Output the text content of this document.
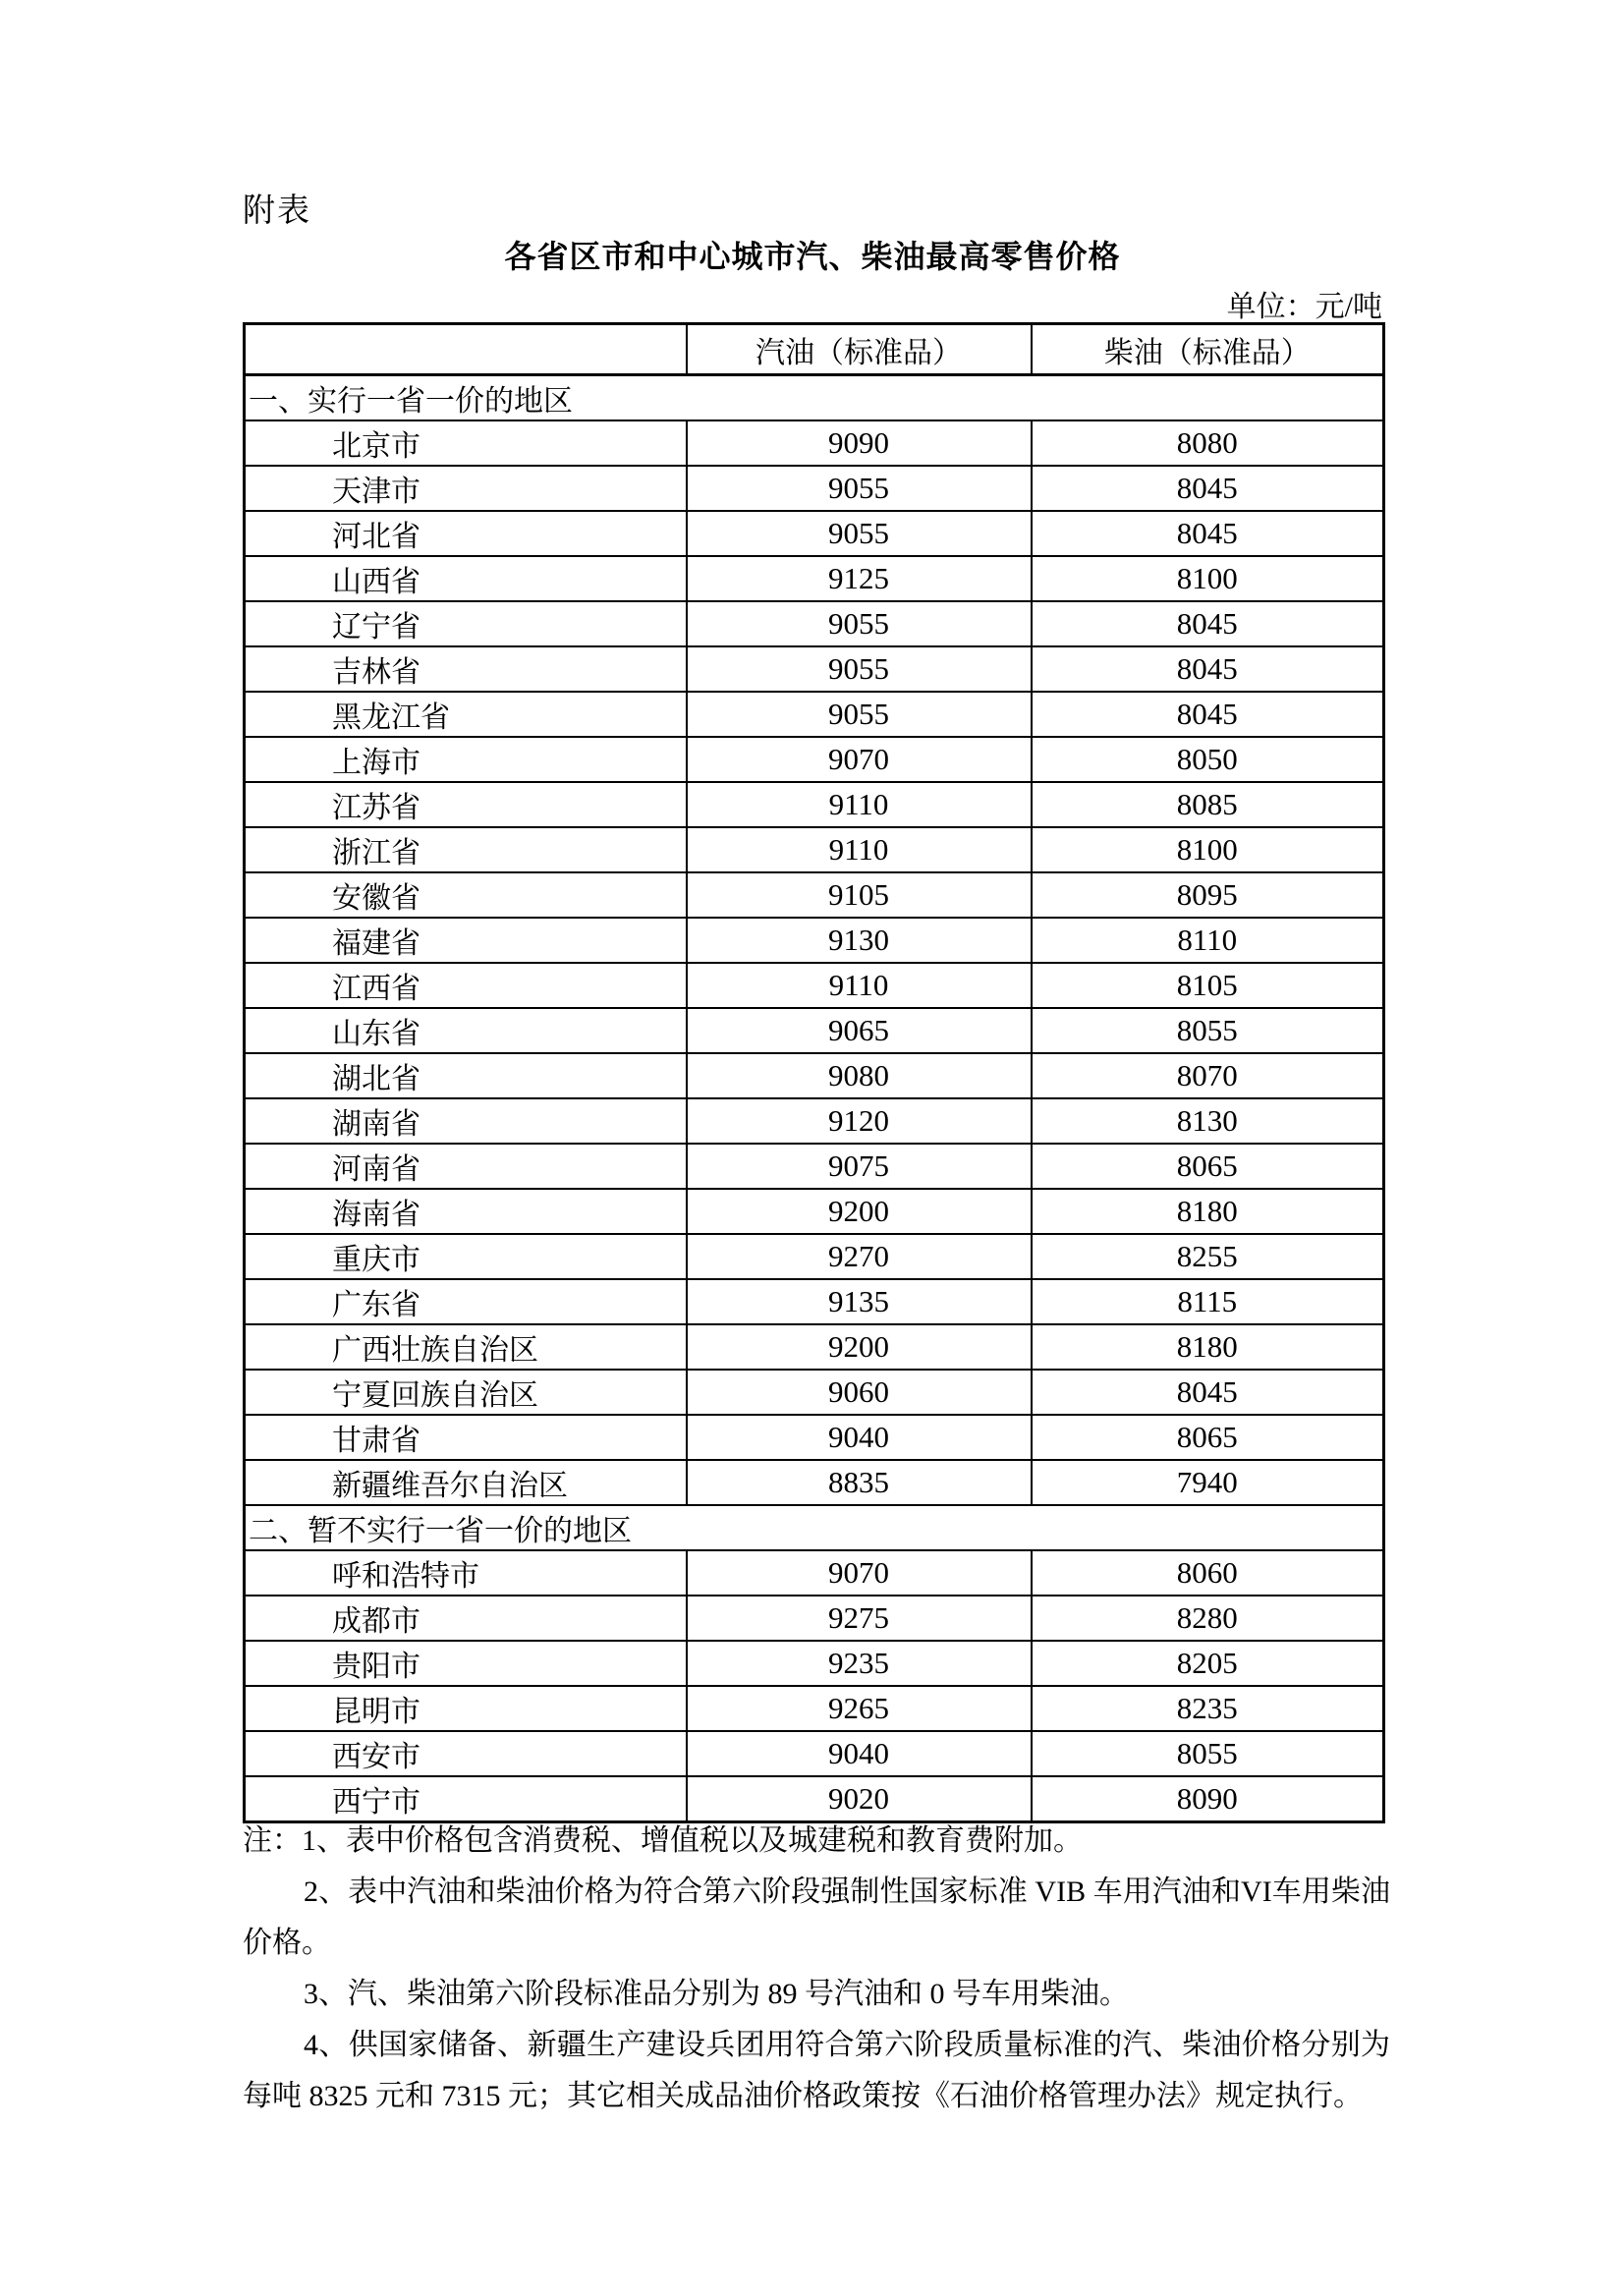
附表
各省区市和中心城市汽、柴油最高零售价格
单位：元/吨
	汽油（标准品）	柴油（标准品）
一、实行一省一价的地区		
北京市	9090	8080
天津市	9055	8045
河北省	9055	8045
山西省	9125	8100
辽宁省	9055	8045
吉林省	9055	8045
黑龙江省	9055	8045
上海市	9070	8050
江苏省	9110	8085
浙江省	9110	8100
安徽省	9105	8095
福建省	9130	8110
江西省	9110	8105
山东省	9065	8055
湖北省	9080	8070
湖南省	9120	8130
河南省	9075	8065
海南省	9200	8180
重庆市	9270	8255
广东省	9135	8115
广西壮族自治区	9200	8180
宁夏回族自治区	9060	8045
甘肃省	9040	8065
新疆维吾尔自治区	8835	7940
二、暂不实行一省一价的地区		
呼和浩特市	9070	8060
成都市	9275	8280
贵阳市	9235	8205
昆明市	9265	8235
西安市	9040	8055
西宁市	9020	8090

注：1、表中价格包含消费税、增值税以及城建税和教育费附加。

2、表中汽油和柴油价格为符合第六阶段强制性国家标准 VIB 车用汽油和VI车用柴油价格。

3、汽、柴油第六阶段标准品分别为 89 号汽油和 0 号车用柴油。

4、供国家储备、新疆生产建设兵团用符合第六阶段质量标准的汽、柴油价格分别为每吨 8325 元和 7315 元；其它相关成品油价格政策按《石油价格管理办法》规定执行。
